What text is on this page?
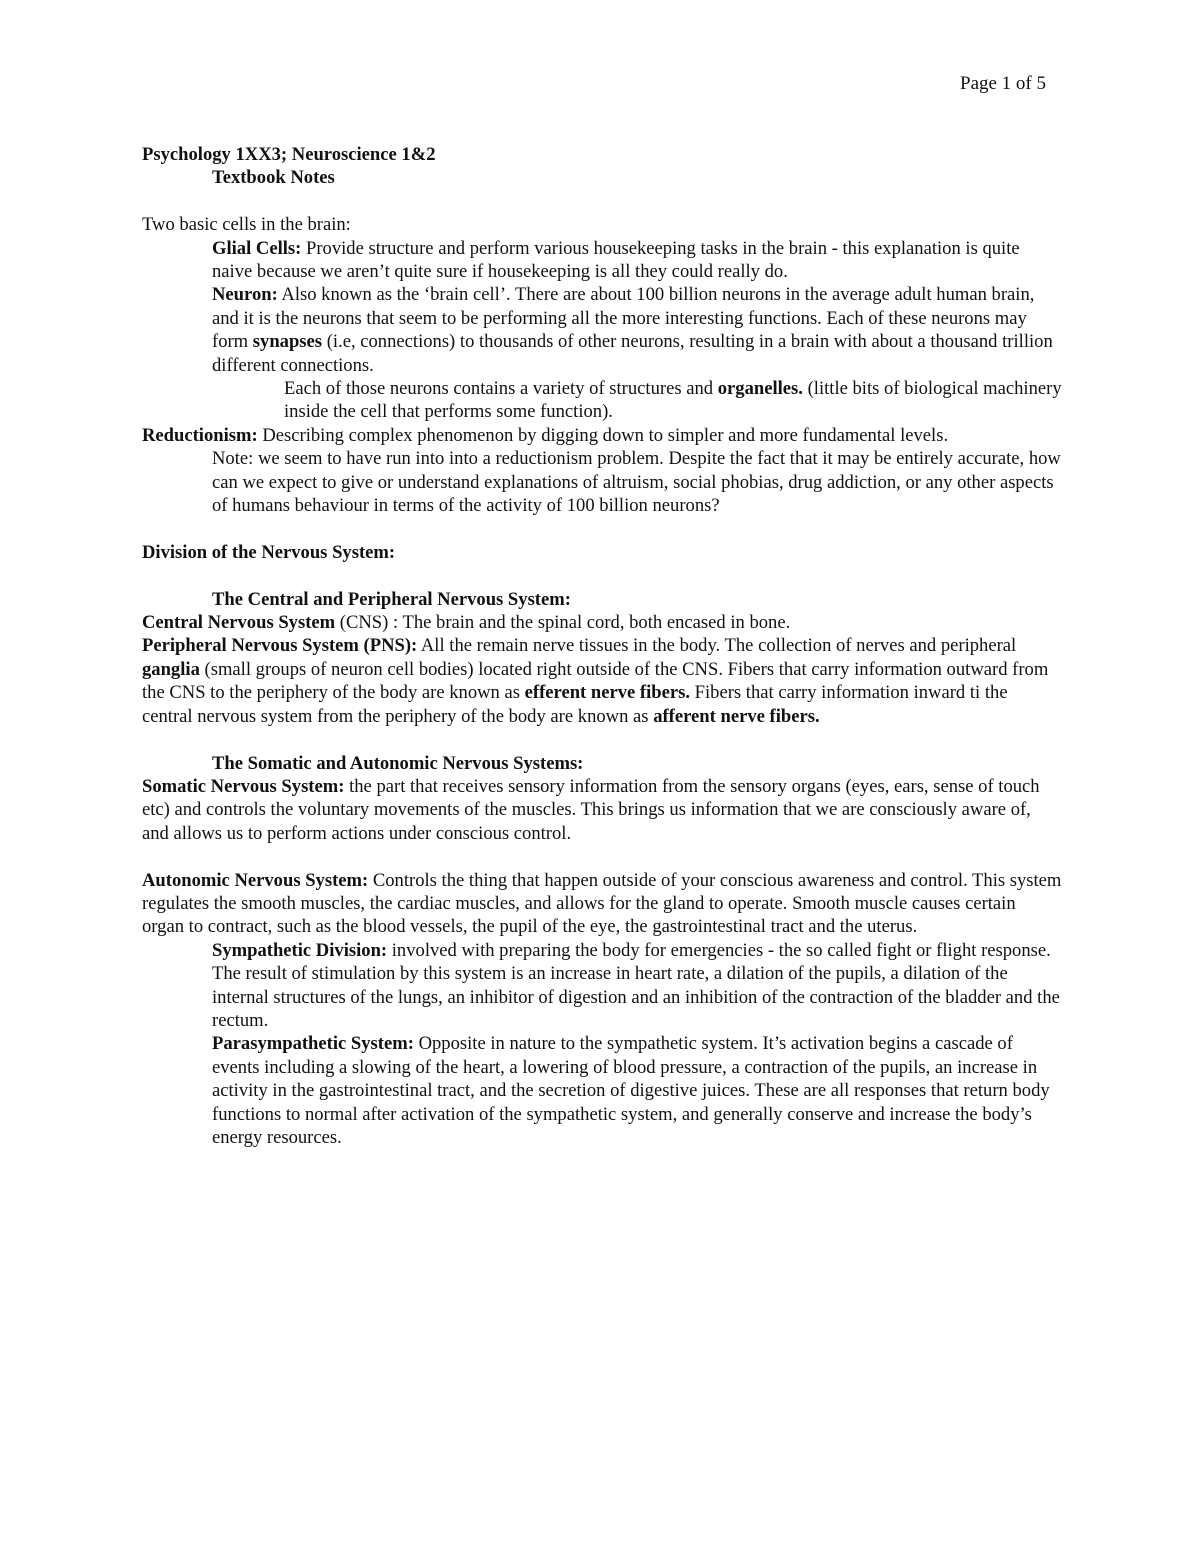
Page 1 of 5

Psychology 1XX3; Neuroscience 1&2

Textbook Notes

Two basic cells in the brain:

Glial Cells: Provide structure and perform various housekeeping tasks in the brain - this explanation is quite naive because we aren’t quite sure if housekeeping is all they could really do.

Neuron: Also known as the ‘brain cell’. There are about 100 billion neurons in the average adult human brain, and it is the neurons that seem to be performing all the more interesting functions. Each of these neurons may form synapses (i.e, connections) to thousands of other neurons, resulting in a brain with about a thousand trillion different connections.

Each of those neurons contains a variety of structures and organelles. (little bits of biological machinery inside the cell that performs some function).

Reductionism: Describing complex phenomenon by digging down to simpler and more fundamental levels.

Note: we seem to have run into into a reductionism problem. Despite the fact that it may be entirely accurate, how can we expect to give or understand explanations of altruism, social phobias, drug addiction, or any other aspects of humans behaviour in terms of the activity of 100 billion neurons?

Division of the Nervous System:

The Central and Peripheral Nervous System:

Central Nervous System (CNS) : The brain and the spinal cord, both encased in bone.

Peripheral Nervous System (PNS): All the remain nerve tissues in the body. The collection of nerves and peripheral ganglia (small groups of neuron cell bodies) located right outside of the CNS. Fibers that carry information outward from the CNS to the periphery of the body are known as efferent nerve fibers. Fibers that carry information inward ti the central nervous system from the periphery of the body are known as afferent nerve fibers.

The Somatic and Autonomic Nervous Systems:

Somatic Nervous System: the part that receives sensory information from the sensory organs (eyes, ears, sense of touch etc) and controls the voluntary movements of the muscles. This brings us information that we are consciously aware of, and allows us to perform actions under conscious control.

Autonomic Nervous System: Controls the thing that happen outside of your conscious awareness and control. This system regulates the smooth muscles, the cardiac muscles, and allows for the gland to operate. Smooth muscle causes certain organ to contract, such as the blood vessels, the pupil of the eye, the gastrointestinal tract and the uterus.

Sympathetic Division: involved with preparing the body for emergencies - the so called fight or flight response. The result of stimulation by this system is an increase in heart rate, a dilation of the pupils, a dilation of the internal structures of the lungs, an inhibitor of digestion and an inhibition of the contraction of the bladder and the rectum.

Parasympathetic System: Opposite in nature to the sympathetic system. It’s activation begins a cascade of events including a slowing of the heart, a lowering of blood pressure, a contraction of the pupils, an increase in activity in the gastrointestinal tract, and the secretion of digestive juices. These are all responses that return body functions to normal after activation of the sympathetic system, and generally conserve and increase the body’s energy resources.
